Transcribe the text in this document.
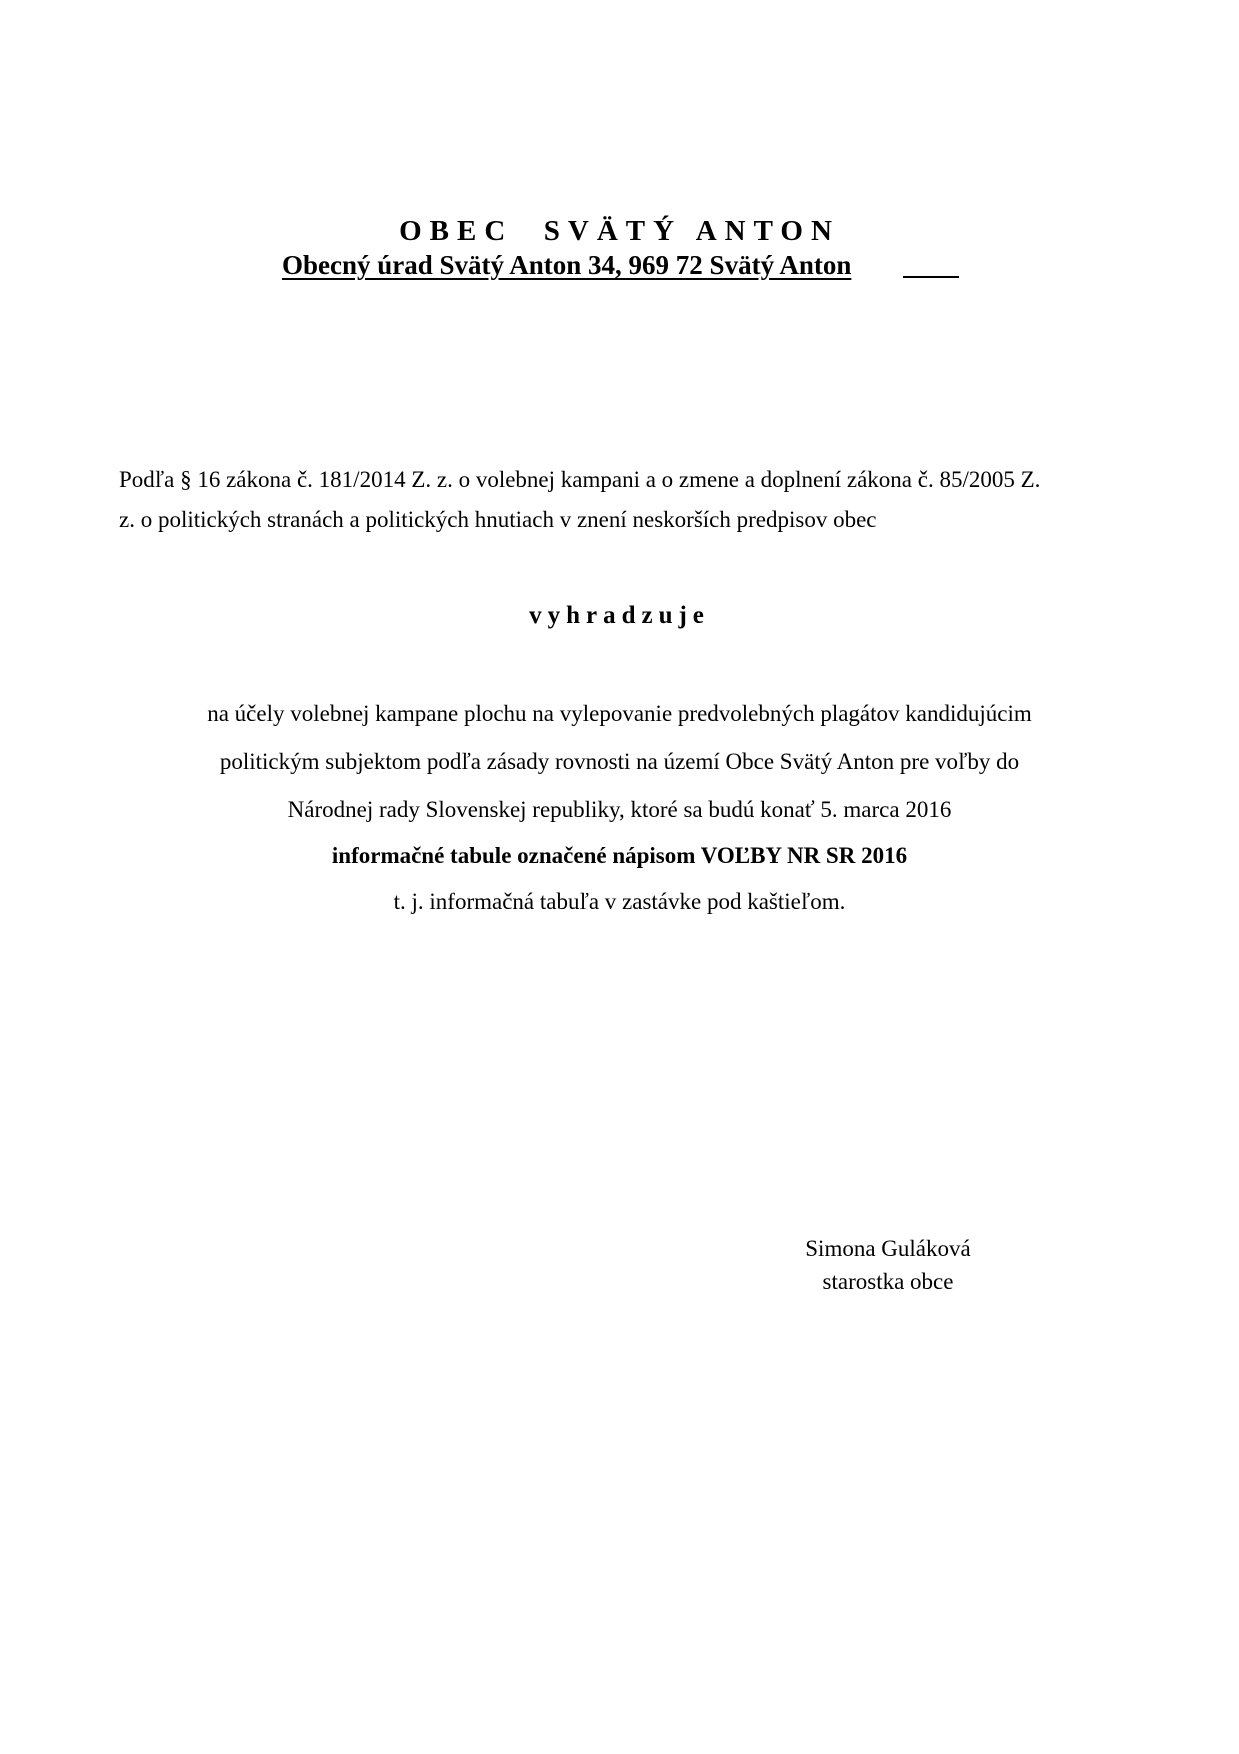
OBEC  SVÄTÝ ANTON
Obecný úrad Svätý Anton 34, 969 72 Svätý Anton
Podľa § 16 zákona č. 181/2014 Z. z. o volebnej kampani a o zmene a doplnení zákona č. 85/2005 Z.
z. o politických stranách a politických hnutiach v znení neskorších predpisov obec
vyhradzuje
na účely volebnej kampane plochu na vylepovanie predvolebných plagátov kandidujúcim
politickým subjektom podľa zásady rovnosti na území Obce Svätý Anton pre voľby do
Národnej rady Slovenskej republiky, ktoré sa budú konať 5. marca 2016
informačné tabule označené nápisom VOĽBY NR SR 2016
t. j. informačná tabuľa v zastávke pod kaštieľom.
Simona Guláková
starostka obce
